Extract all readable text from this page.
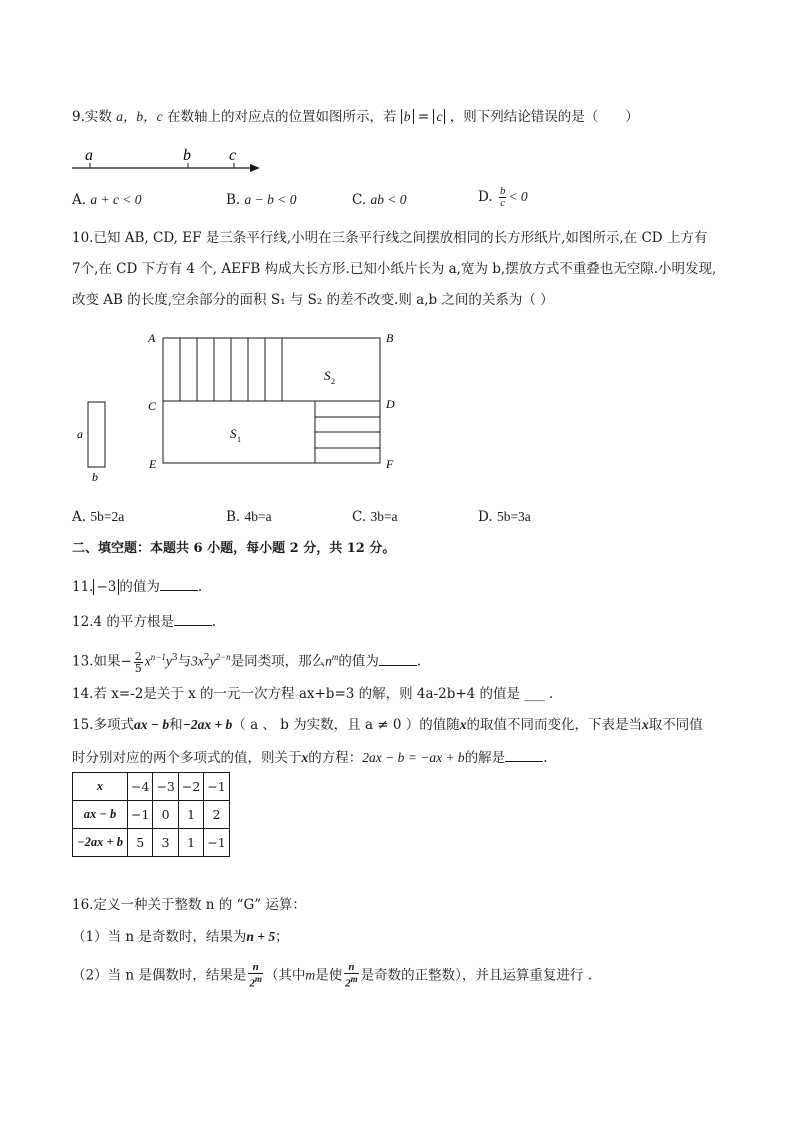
9.实数 a，b，c 在数轴上的对应点的位置如图所示，若 b = c ，则下列结论错误的是（　　）
a	b c
A. a + c < 0	B. a − b < 0	C. ab < 0	D. $\frac{b}{c} < 0$
10.已知 AB, CD, EF 是三条平行线,小明在三条平行线之间摆放相同的长方形纸片,如图所示,在 CD 上方有
7个,在 CD 下方有 4 个, AEFB 构成大长方形.已知小纸片长为 a,宽为 b,摆放方式不重叠也无空隙.小明发现,
改变 AB 的长度,空余部分的面积 S₁ 与 S₂ 的差不改变.则 a,b 之间的关系为（ ）
A	B
C	D
E	F
S 2
S 1
a
b
A. 5b=2a	B. 4b=a	C. 3b=a	D. 5b=3a
二、填空题：本题共 6 小题，每小题 2 分，共 12 分。
11. −3 的值为	.
12.4 的平方根是	.
13.如果− $\frac{2}{5} x^{n-1}y^3$与$3x^2y^{2-n}$是同类项，那么$n^m$的值为	.
14.若 x=-2是关于 x 的一元一次方程 ax+b=3 的解，则 4a-2b+4 的值是 ___ .
15.多项式ax − b和−2ax + b（ a 、 b 为实数，且 a ≠ 0 ）的值随x的取值不同而变化，下表是当x取不同值
时分别对应的两个多项式的值，则关于x的方程：2ax − b = −ax + b的解是	.
x	−4	−3	−2	−1
ax − b	−1	0	1	2
−2ax + b	5	3	1	−1
16.定义一种关于整数 n 的 “G” 运算：
（1）当 n 是奇数时，结果为n + 5；
（2）当 n 是偶数时，结果是 $\frac{n}{2^m}$ （其中m是使 $\frac{n}{2^m}$ 是奇数的正整数），并且运算重复进行 .
